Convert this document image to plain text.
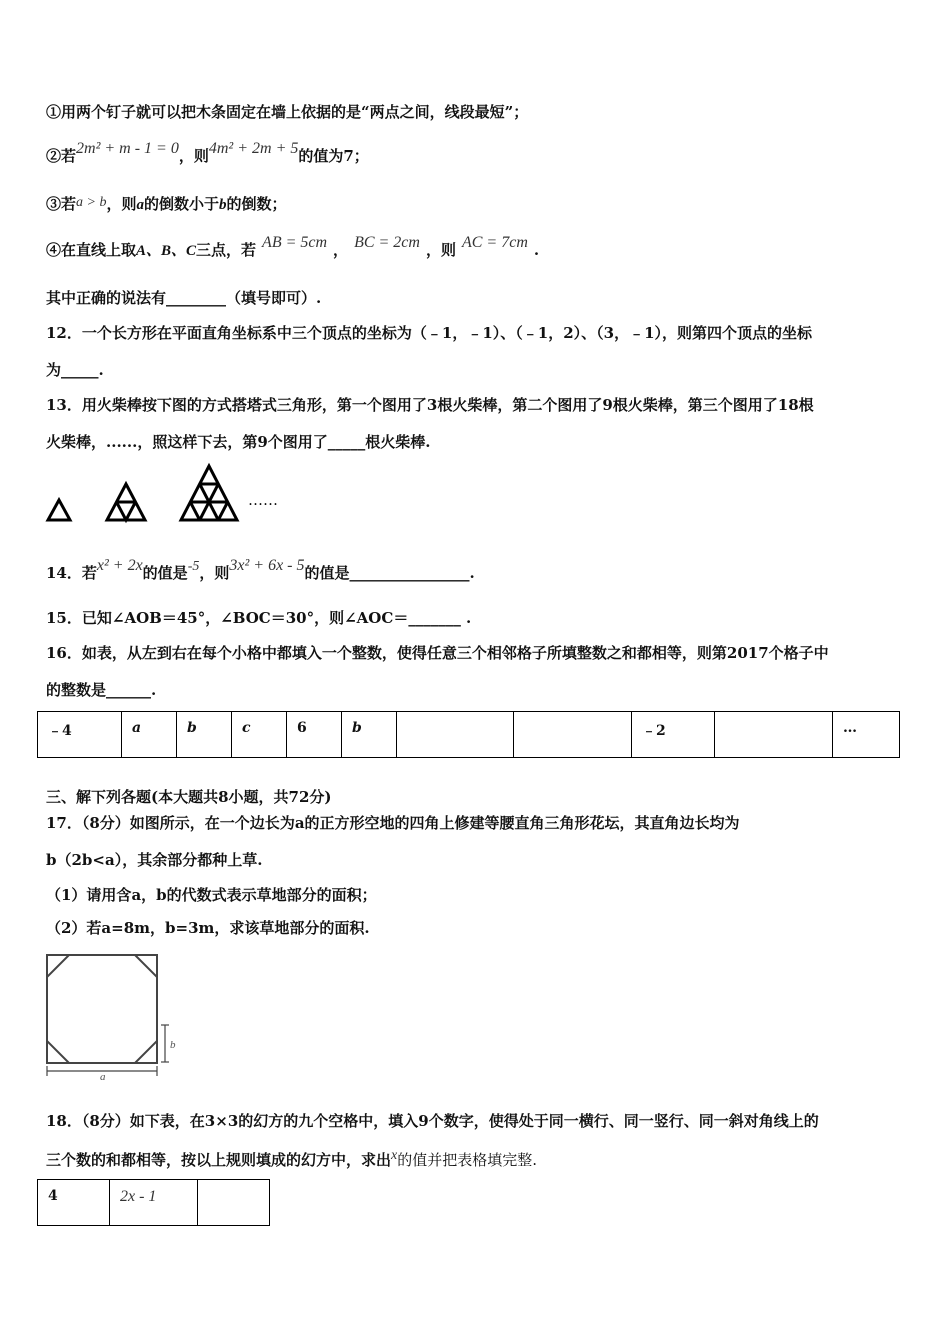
①用两个钉子就可以把木条固定在墙上依据的是“两点之间，线段最短”；
②若2m² + m - 1 = 0，则4m² + 2m + 5的值为7；
③若a > b，则a的倒数小于b的倒数；
④在直线上取A、B、C三点，若 AB = 5cm ， BC = 2cm ，则 AC = 7cm .
其中正确的说法有________（填号即可）.
12．一个长方形在平面直角坐标系中三个顶点的坐标为（﹣1，﹣1）、（﹣1，2）、（3，﹣1），则第四个顶点的坐标
为_____.
13．用火柴棒按下图的方式搭塔式三角形，第一个图用了3根火柴棒，第二个图用了9根火柴棒，第三个图用了18根
火柴棒，......，照这样下去，第9个图用了_____根火柴棒.
……
14．若x² + 2x的值是-5，则3x² + 6x - 5的值是________________.
15．已知∠AOB＝45°，∠BOC＝30°，则∠AOC＝_______ .
16．如表，从左到右在每个小格中都填入一个整数，使得任意三个相邻格子所填整数之和都相等，则第2017个格子中
的整数是______.
﹣4	a	b	c	6	b			﹣2		…
三、解下列各题(本大题共8小题，共72分)
17．（8分）如图所示，在一个边长为a的正方形空地的四角上修建等腰直角三角形花坛，其直角边长均为
b（2b<a），其余部分都种上草.
（1）请用含a，b的代数式表示草地部分的面积；
（2）若a=8m，b=3m，求该草地部分的面积.
b
a
18．（8分）如下表，在3×3的幻方的九个空格中，填入9个数字，使得处于同一横行、同一竖行、同一斜对角线上的
三个数的和都相等，按以上规则填成的幻方中，求出x的值并把表格填完整.
4	2x - 1	
